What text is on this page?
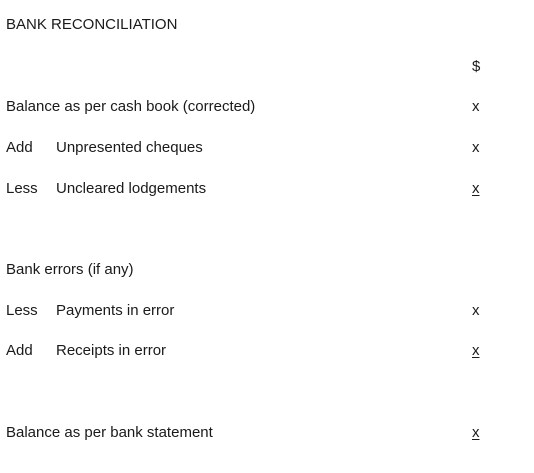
BANK RECONCILIATION
$
Balance as per cash book (corrected)	x
Add Unpresented cheques	x
Less Uncleared lodgements	x
Bank errors (if any)
Less Payments in error	x
Add Receipts in error	x
Balance as per bank statement	x
